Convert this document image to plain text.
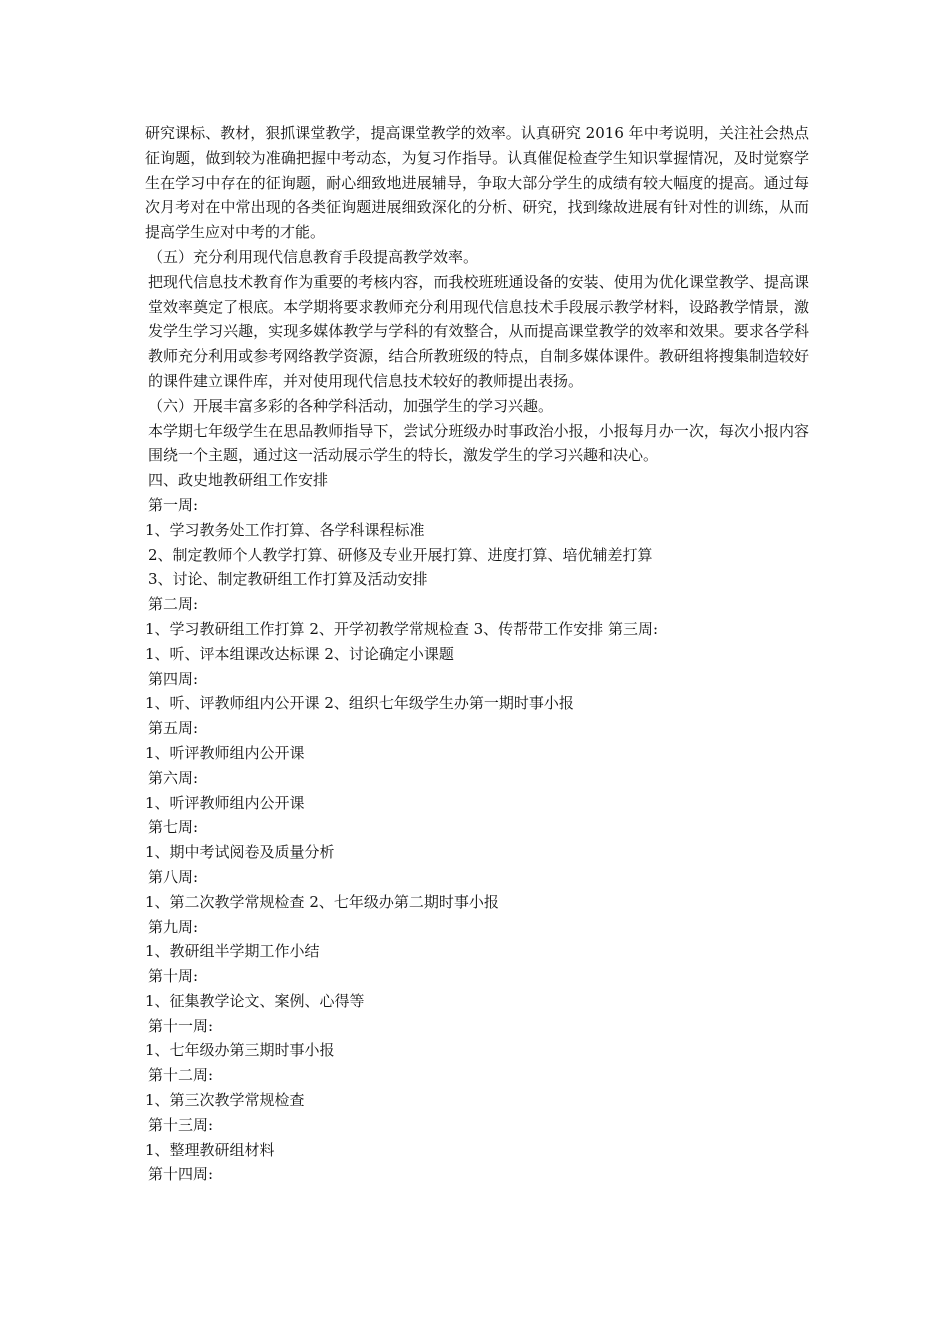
研究课标、教材，狠抓课堂教学，提高课堂教学的效率。认真研究 2016 年中考说明，关注社会热点征询题，做到较为准确把握中考动态，为复习作指导。认真催促检查学生知识掌握情况，及时觉察学生在学习中存在的征询题，耐心细致地进展辅导，争取大部分学生的成绩有较大幅度的提高。通过每次月考对在中常出现的各类征询题进展细致深化的分析、研究，找到缘故进展有针对性的训练，从而提高学生应对中考的才能。

（五）充分利用现代信息教育手段提高教学效率。

把现代信息技术教育作为重要的考核内容，而我校班班通设备的安装、使用为优化课堂教学、提高课堂效率奠定了根底。本学期将要求教师充分利用现代信息技术手段展示教学材料，设路教学情景，激发学生学习兴趣，实现多媒体教学与学科的有效整合，从而提高课堂教学的效率和效果。要求各学科教师充分利用或参考网络教学资源，结合所教班级的特点，自制多媒体课件。教研组将搜集制造较好的课件建立课件库，并对使用现代信息技术较好的教师提出表扬。

（六）开展丰富多彩的各种学科活动，加强学生的学习兴趣。

本学期七年级学生在思品教师指导下，尝试分班级办时事政治小报，小报每月办一次，每次小报内容围绕一个主题，通过这一活动展示学生的特长，激发学生的学习兴趣和决心。

四、政史地教研组工作安排

第一周:
1、学习教务处工作打算、各学科课程标准
2、制定教师个人教学打算、研修及专业开展打算、进度打算、培优辅差打算
3、讨论、制定教研组工作打算及活动安排
第二周:
1、学习教研组工作打算 2、开学初教学常规检查 3、传帮带工作安排 第三周:
1、听、评本组课改达标课 2、讨论确定小课题
第四周:
1、听、评教师组内公开课 2、组织七年级学生办第一期时事小报
第五周:
1、听评教师组内公开课
第六周:
1、听评教师组内公开课
第七周:
1、期中考试阅卷及质量分析
第八周:
1、第二次教学常规检查 2、七年级办第二期时事小报
第九周:
1、教研组半学期工作小结
第十周:
1、征集教学论文、案例、心得等
第十一周:
1、七年级办第三期时事小报
第十二周:
1、第三次教学常规检查
第十三周:
1、整理教研组材料
第十四周:
